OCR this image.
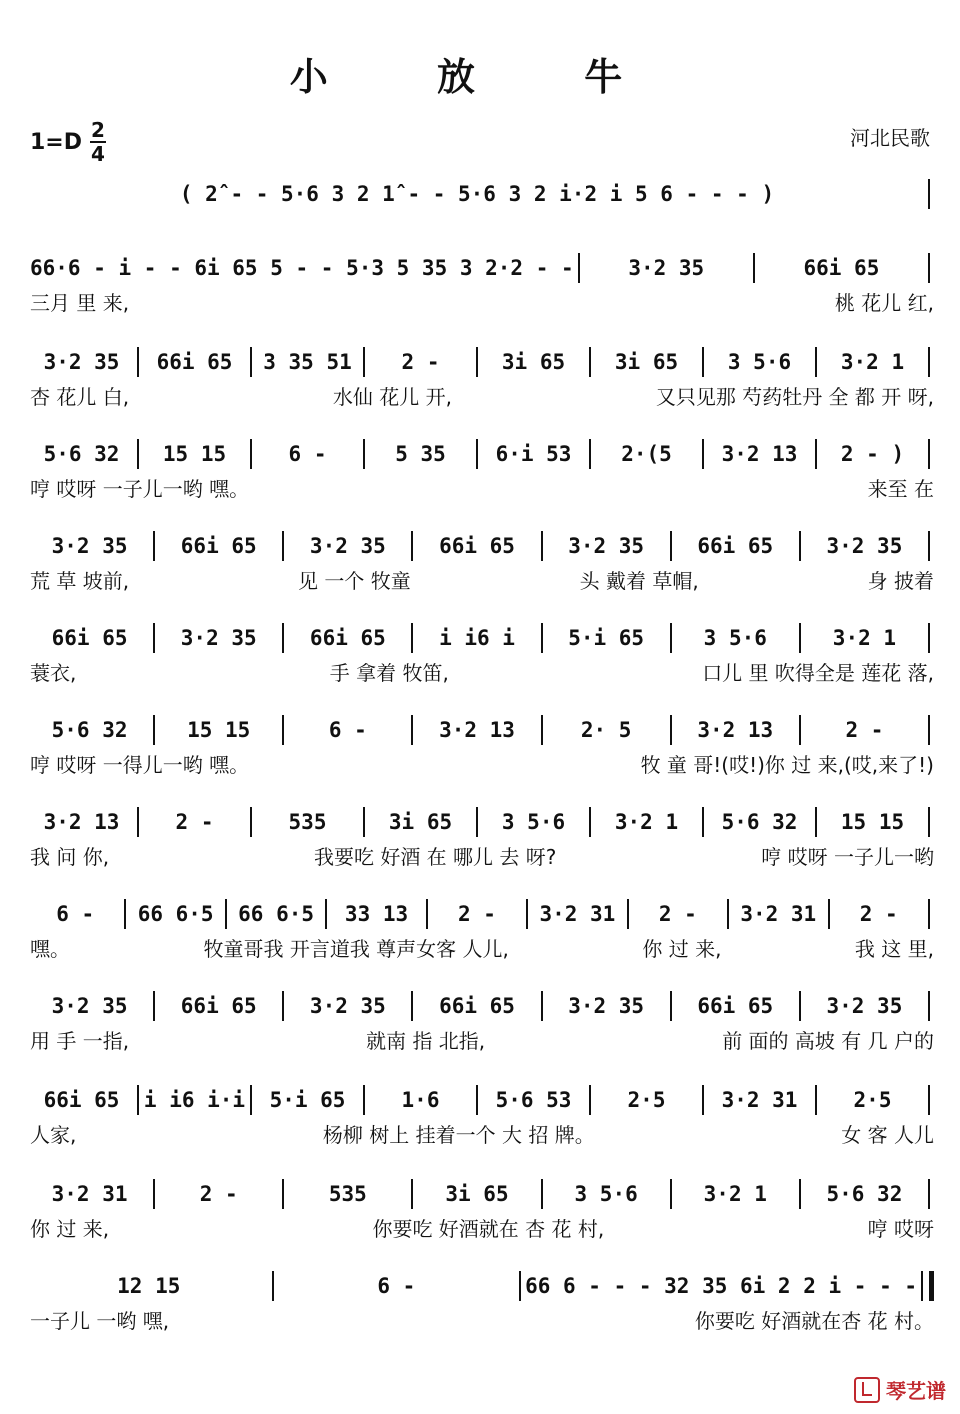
小 放 牛
$1=D \frac{2}{4}$	河北民歌
( 2̂ - - 5·6 3 2 1̂ - - 5·6 3 2 i·2 i 5 6 - - - )
66·6 - i - - 6i 65 5 - - 5·3 5 35 3 2·2 - -	3·2 35	66i 65
三月 里 来,	桃 花儿 红,
3·2 35	66i 65	3 35 51	2 -	3i 65	3i 65	3 5·6	3·2 1
杏 花儿 白,	水仙 花儿 开,	又只见那 芍药牡丹 全 都 开 呀,
5·6 32	15 15	6 -	5 35	6·i 53	2·(5	3·2 13	2 - )
哼 哎呀 一子儿一哟 嘿。	来至 在
3·2 35	66i 65	3·2 35	66i 65	3·2 35	66i 65	3·2 35
荒 草 坡前,	见 一个 牧童	头 戴着 草帽,	身 披着
66i 65	3·2 35	66i 65	i i6 i	5·i 65	3 5·6	3·2 1
蓑衣,	手 拿着 牧笛,	口儿 里 吹得全是 莲花 落,
5·6 32	15 15	6 -	3·2 13	2· 5	3·2 13	2 -
哼 哎呀 一得儿一哟 嘿。	牧 童 哥!(哎!)你 过 来,(哎,来了!)
3·2 13	2 -	535	3i 65	3 5·6	3·2 1	5·6 32	15 15
我 问 你,	我要吃 好酒 在 哪儿 去 呀?	哼 哎呀 一子儿一哟
6 -	66 6·5	66 6·5	33 13	2 -	3·2 31	2 -	3·2 31	2 -
嘿。	牧童哥我 开言道我 尊声女客 人儿,	你 过 来,	我 这 里,
3·2 35	66i 65	3·2 35	66i 65	3·2 35	66i 65	3·2 35
用 手 一指,	就南 指 北指,	前 面的 高坡 有 几 户的
66i 65	i i6 i·i	5·i 65	1·6	5·6 53	2·5	3·2 31	2·5
人家,	杨柳 树上 挂着一个 大 招 牌。	女 客 人儿
3·2 31	2 -	535	3i 65	3 5·6	3·2 1	5·6 32
你 过 来,	你要吃 好酒就在 杏 花 村,	哼 哎呀
12 15	6 -	66 6 - - - 32 35 6i 2 2 i - - -
一子儿 一哟 嘿,	你要吃 好酒就在杏 花 村。
琴艺谱
